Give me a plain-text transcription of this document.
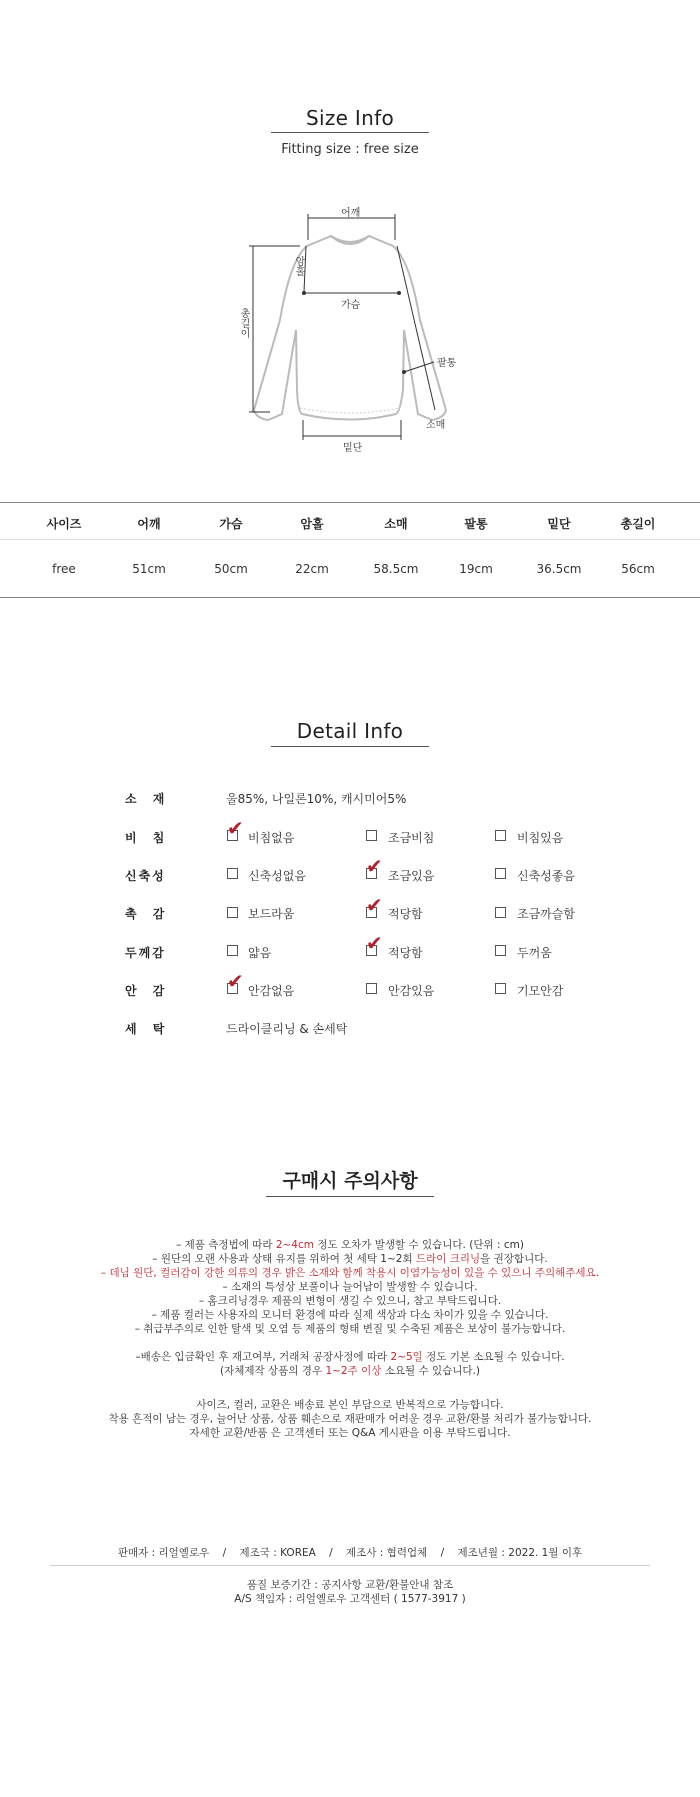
Size Info
Fitting size : free size
어깨
암홀
가슴
총길이
팔통
소매
밑단
사이즈	어깨	가슴	암홀	소매	팔통	밑단	총길이
free	51cm	50cm	22cm	58.5cm	19cm	36.5cm	56cm
Detail Info
소 재	울85%, 나일론10%, 캐시미어5%
비 침	✔ 비침없음	조금비침	비침있음
신축성	신축성없음	✔ 조금있음	신축성좋음
촉 감	보드라움	✔ 적당함	조금까슬함
두께감	얇음	✔ 적당함	두꺼움
안 감	✔ 안감없음	안감있음	기모안감
세 탁	드라이클리닝 & 손세탁
구매시 주의사항
– 제품 측정법에 따라 2~4cm 정도 오차가 발생할 수 있습니다. (단위 : cm)
– 원단의 오랜 사용과 상태 유지를 위하여 첫 세탁 1~2회 드라이 크리닝을 권장합니다.
– 데님 원단, 컬러감이 강한 의류의 경우 밝은 소재와 함께 착용시 이염가능성이 있을 수 있으니 주의해주세요.
– 소재의 특성상 보풀이나 늘어남이 발생할 수 있습니다.
– 홈크리닝경우 제품의 변형이 생길 수 있으니, 참고 부탁드립니다.
– 제품 컬러는 사용자의 모니터 환경에 따라 실제 색상과 다소 차이가 있을 수 있습니다.
– 취급부주의로 인한 탈색 및 오염 등 제품의 형태 변질 및 수축된 제품은 보상이 불가능합니다.
–배송은 입금확인 후 재고여부, 거래처 공장사정에 따라 2~5일 정도 기본 소요될 수 있습니다.
(자체제작 상품의 경우 1~2주 이상 소요될 수 있습니다.)
사이즈, 컬러, 교환은 배송료 본인 부담으로 반복적으로 가능합니다.
착용 흔적이 남는 경우, 늘어난 상품, 상품 훼손으로 재판매가 어려운 경우 교환/환불 처리가 불가능합니다.
자세한 교환/반품 은 고객센터 또는 Q&A 게시판을 이용 부탁드립니다.
판매자 : 리얼옐로우    /    제조국 : KOREA    /    제조사 : 협력업체    /    제조년월 : 2022. 1월 이후
품질 보증기간 : 공지사항 교환/환불안내 참조
A/S 책임자 : 리얼옐로우 고객센터 ( 1577-3917 )
